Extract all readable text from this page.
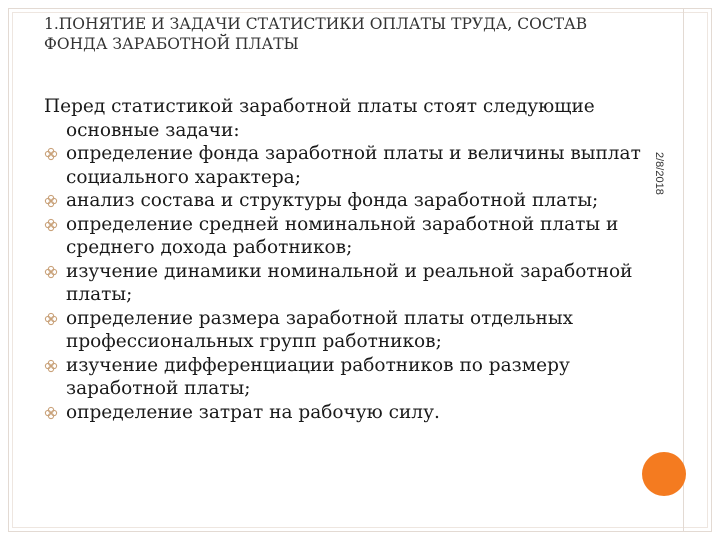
1.ПОНЯТИЕ И ЗАДАЧИ СТАТИСТИКИ ОПЛАТЫ ТРУДА, СОСТАВ
ФОНДА ЗАРАБОТНОЙ ПЛАТЫ
2/8/2018

Перед статистикой заработной платы стоят следующие основные задачи:

определение фонда заработной платы и величины выплат социального характера;
анализ состава и структуры фонда заработной платы;
определение средней номинальной заработной платы и среднего дохода работников;
изучение динамики номинальной и реальной заработной платы;
определение размера заработной платы отдельных профессиональных групп работников;
изучение дифференциации работников по размеру заработной платы;
определение затрат на рабочую силу.
